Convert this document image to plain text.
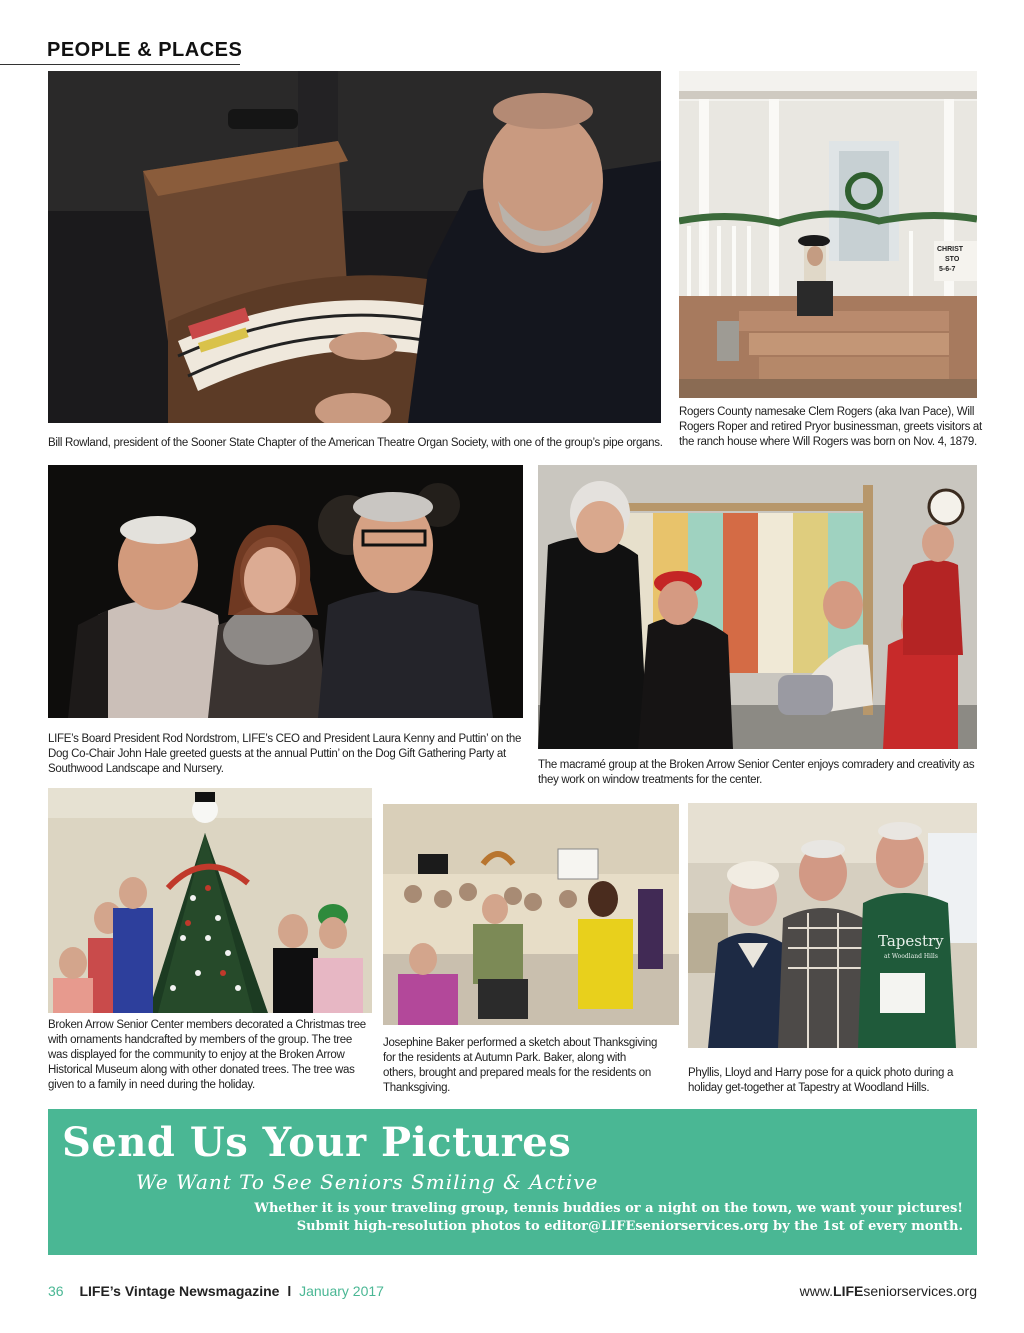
PEOPLE & PLACES
Bill Rowland, president of the Sooner State Chapter of the American Theatre Organ Society, with one of the group’s pipe organs.
CHRIST
STO
5-6-7
Rogers County namesake Clem Rogers (aka Ivan Pace), Will
Rogers Roper and retired Pryor businessman, greets visitors at
the ranch house where Will Rogers was born on Nov. 4, 1879.
LIFE’s Board President Rod Nordstrom, LIFE’s CEO and President Laura Kenny and Puttin’ on the
Dog Co-Chair John Hale greeted guests at the annual Puttin’ on the Dog Gift Gathering Party at
Southwood Landscape and Nursery.	The macramé group at the Broken Arrow Senior Center enjoys comradery and creativity as
they work on window treatments for the center.
Broken Arrow Senior Center members decorated a Christmas tree
with ornaments handcrafted by members of the group. The tree
was displayed for the community to enjoy at the Broken Arrow
Historical Museum along with other donated trees. The tree was
given to a family in need during the holiday.
Josephine Baker performed a sketch about Thanksgiving
for the residents at Autumn Park. Baker, along with
others, brought and prepared meals for the residents on
Thanksgiving.
Tapestry
at Woodland Hills
Phyllis, Lloyd and Harry pose for a quick photo during a
holiday get-together at Tapestry at Woodland Hills.
Send Us Your Pictures
We Want To See Seniors Smiling & Active
Whether it is your traveling group, tennis buddies or a night on the town, we want your pictures!
Submit high-resolution photos to editor@LIFEseniorservices.org by the 1st of every month.
36 LIFE’s Vintage Newsmagazine l January 2017	www.LIFEseniorservices.org
